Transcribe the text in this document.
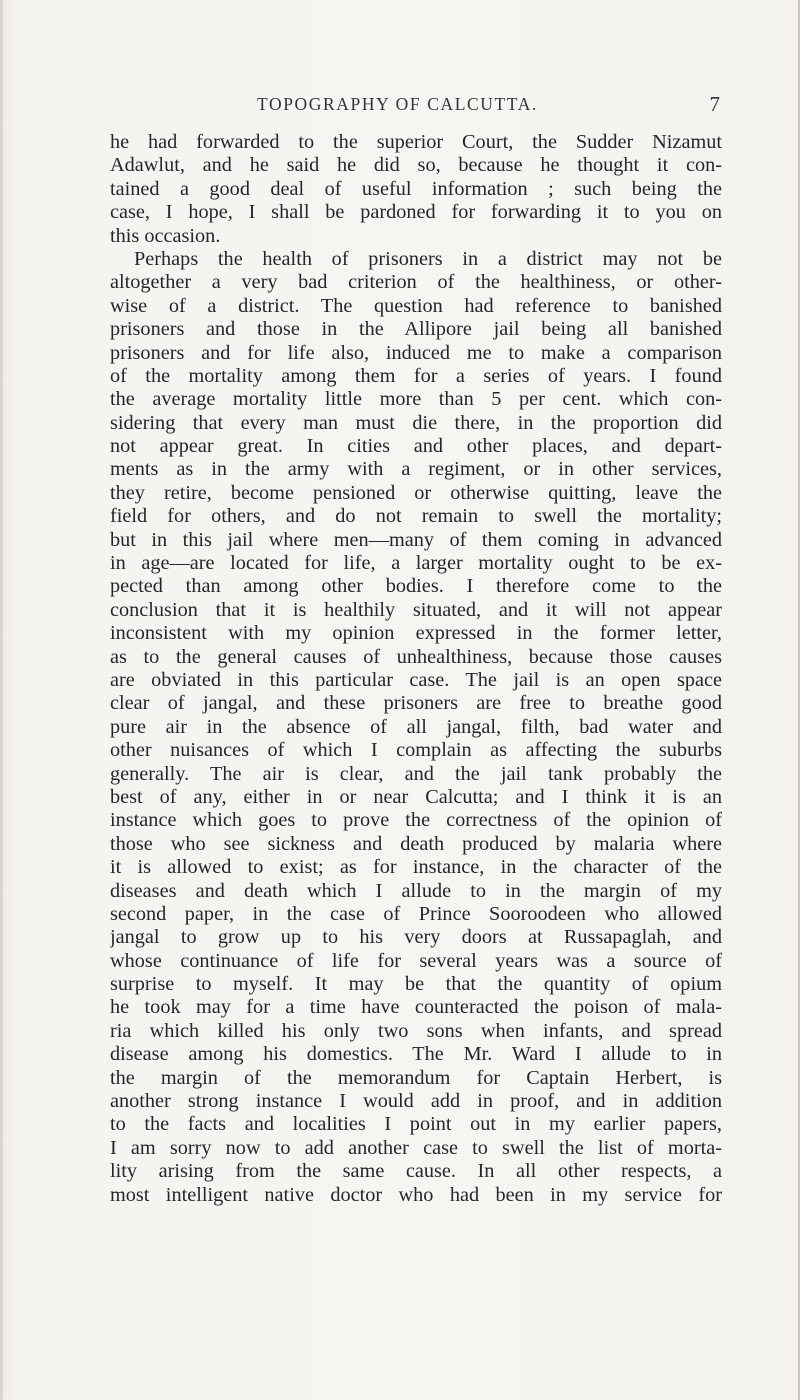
TOPOGRAPHY OF CALCUTTA.	7
he had forwarded to the superior Court, the Sudder Nizamut
Adawlut, and he said he did so, because he thought it con-
tained a good deal of useful information ; such being the
case, I hope, I shall be pardoned for forwarding it to you on
this occasion.
Perhaps the health of prisoners in a district may not be
altogether a very bad criterion of the healthiness, or other-
wise of a district. The question had reference to banished
prisoners and those in the Allipore jail being all banished
prisoners and for life also, induced me to make a comparison
of the mortality among them for a series of years. I found
the average mortality little more than 5 per cent. which con-
sidering that every man must die there, in the proportion did
not appear great. In cities and other places, and depart-
ments as in the army with a regiment, or in other services,
they retire, become pensioned or otherwise quitting, leave the
field for others, and do not remain to swell the mortality;
but in this jail where men—many of them coming in advanced
in age—are located for life, a larger mortality ought to be ex-
pected than among other bodies. I therefore come to the
conclusion that it is healthily situated, and it will not appear
inconsistent with my opinion expressed in the former letter,
as to the general causes of unhealthiness, because those causes
are obviated in this particular case. The jail is an open space
clear of jangal, and these prisoners are free to breathe good
pure air in the absence of all jangal, filth, bad water and
other nuisances of which I complain as affecting the suburbs
generally. The air is clear, and the jail tank probably the
best of any, either in or near Calcutta; and I think it is an
instance which goes to prove the correctness of the opinion of
those who see sickness and death produced by malaria where
it is allowed to exist; as for instance, in the character of the
diseases and death which I allude to in the margin of my
second paper, in the case of Prince Sooroodeen who allowed
jangal to grow up to his very doors at Russapaglah, and
whose continuance of life for several years was a source of
surprise to myself. It may be that the quantity of opium
he took may for a time have counteracted the poison of mala-
ria which killed his only two sons when infants, and spread
disease among his domestics. The Mr. Ward I allude to in
the margin of the memorandum for Captain Herbert, is
another strong instance I would add in proof, and in addition
to the facts and localities I point out in my earlier papers,
I am sorry now to add another case to swell the list of morta-
lity arising from the same cause. In all other respects, a
most intelligent native doctor who had been in my service for
